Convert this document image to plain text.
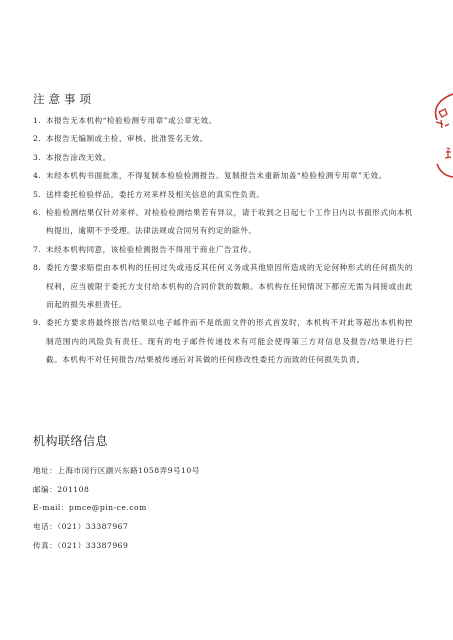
注意事项
1. 本报告无本机构“检验检测专用章”或公章无效。
2. 本报告无编制或主检、审核、批准签名无效。
3. 本报告涂改无效。
4. 未经本机构书面批准，不得复制本检验检测报告。复制报告未重新加盖“检验检测专用章”无效。
5. 送样委托检验样品，委托方对来样及相关信息的真实性负责。
6. 检验检测结果仅针对来样。对检验检测结果若有异议，请于收到之日起七个工作日内以书面形式向本机构提出，逾期不予受理。法律法规或合同另有约定的除外。
7. 未经本机构同意，该检验检测报告不得用于商业广告宣传。
8. 委托方要求赔偿由本机构的任何过失或违反其任何义务或其他原因所造成的无论何种形式的任何损失的权利，应当被限于委托方支付给本机构的合同价款的数额。本机构在任何情况下都应无需为间接或由此而起的损失承担责任。
9. 委托方要求将最终报告/结果以电子邮件而不是纸面文件的形式首发时，本机构不对此等超出本机构控制范围内的风险负有责任。现有的电子邮件传递技术有可能会使得第三方对信息及报告/结果进行拦截。本机构不对任何报告/结果被传递后对其做的任何修改性委托方而致的任何损失负责。
机构联络信息
地址：上海市闵行区颛兴东路1058弄9号10号
邮编：201108
E-mail：pmce@pin-ce.com
电话：（021）33387967
传真：（021）33387969
